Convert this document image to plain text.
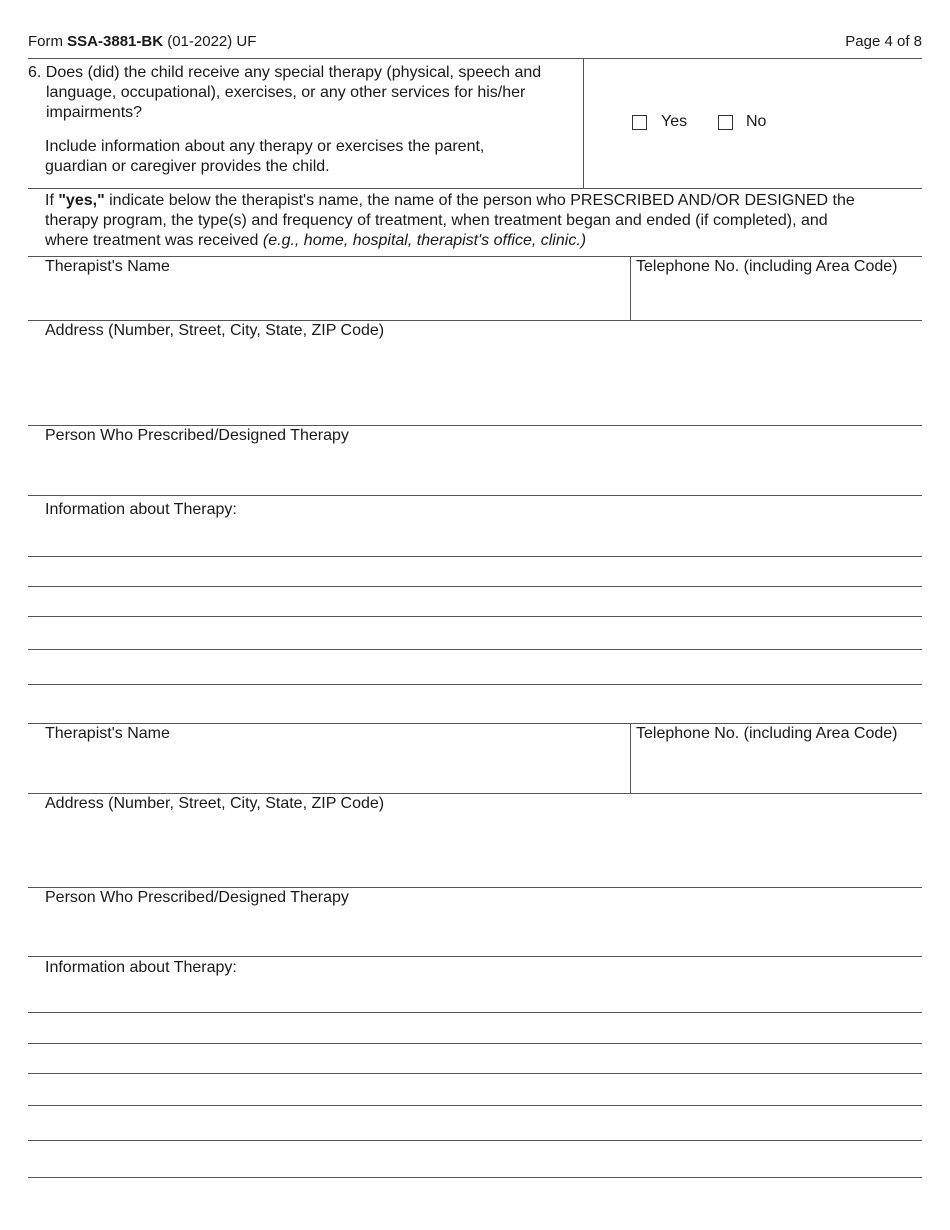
Form SSA-3881-BK (01-2022) UF	Page 4 of 8
6. Does (did) the child receive any special therapy (physical, speech and
language, occupational), exercises, or any other services for his/her
impairments?
Include information about any therapy or exercises the parent,
guardian or caregiver provides the child.
Yes	No
If "yes," indicate below the therapist's name, the name of the person who PRESCRIBED AND/OR DESIGNED the
therapy program, the type(s) and frequency of treatment, when treatment began and ended (if completed), and
where treatment was received (e.g., home, hospital, therapist's office, clinic.)
Therapist's Name	Telephone No. (including Area Code)
Address (Number, Street, City, State, ZIP Code)
Person Who Prescribed/Designed Therapy
Information about Therapy:
Therapist's Name	Telephone No. (including Area Code)
Address (Number, Street, City, State, ZIP Code)
Person Who Prescribed/Designed Therapy
Information about Therapy:
